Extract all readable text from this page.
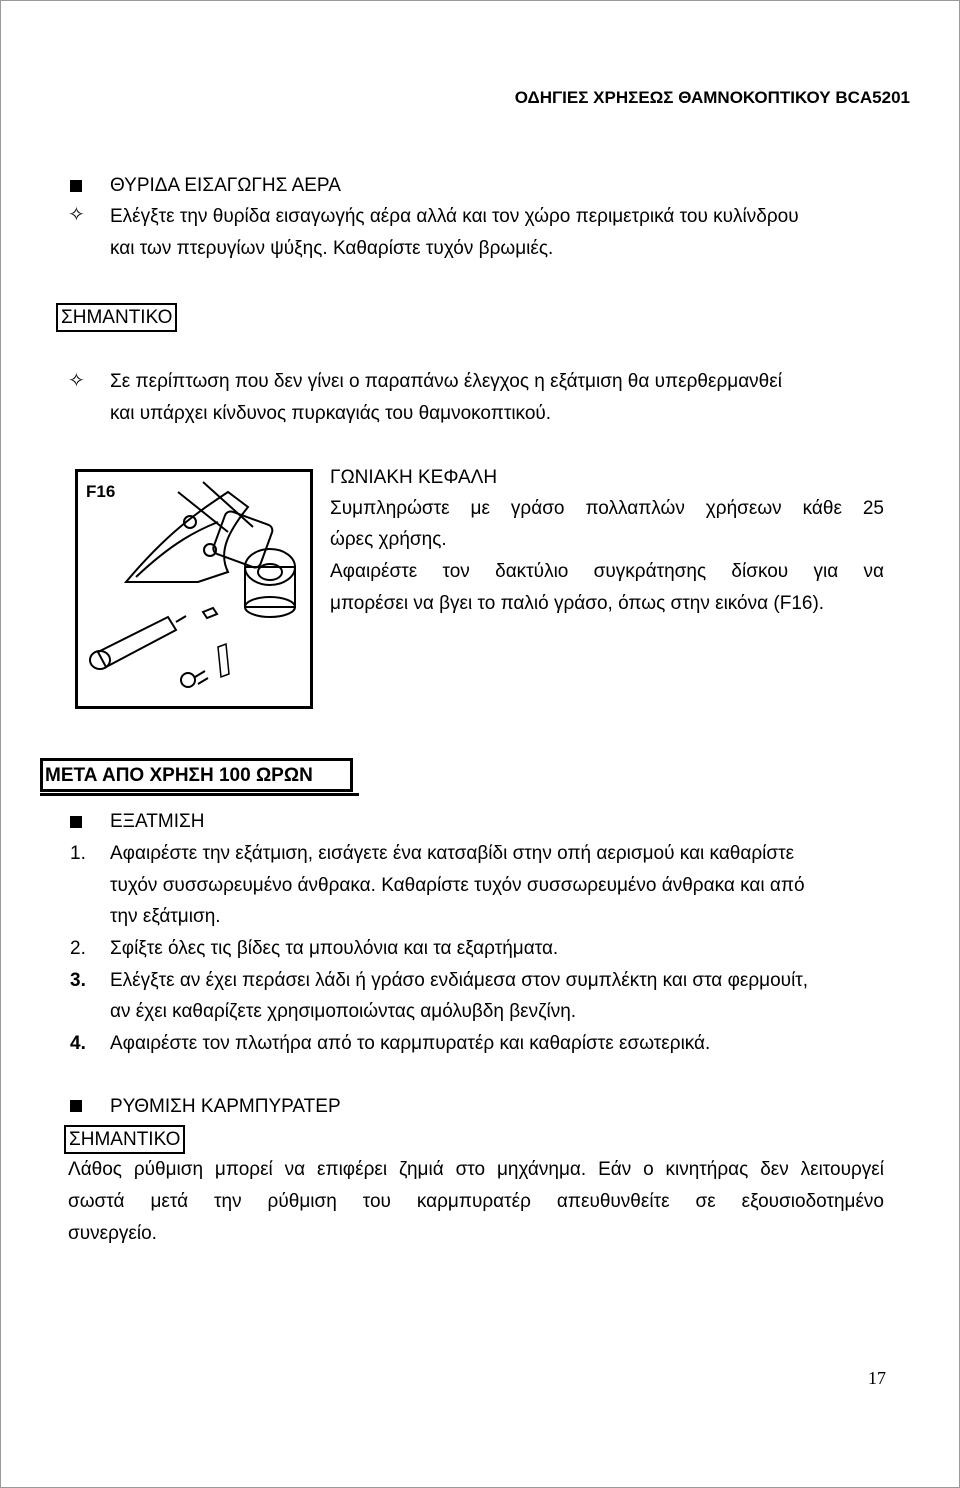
ΟΔΗΓΙΕΣ ΧΡΗΣΕΩΣ ΘΑΜΝΟΚΟΠΤΙΚΟΥ BCA5201
ΘΥΡΙΔΑ ΕΙΣΑΓΩΓΗΣ ΑΕΡΑ
✧ Ελέγξτε την θυρίδα εισαγωγής αέρα αλλά και τον χώρο περιμετρικά του κυλίνδρου
και των πτερυγίων ψύξης. Καθαρίστε τυχόν βρωμιές.
ΣΗΜΑΝΤΙΚΟ
✧ Σε περίπτωση που δεν γίνει ο παραπάνω έλεγχος η εξάτμιση θα υπερθερμανθεί
και υπάρχει κίνδυνος πυρκαγιάς του θαμνοκοπτικού.
F16
ΓΩΝΙΑΚΗ ΚΕΦΑΛΗ
Συμπληρώστε με γράσο πολλαπλών χρήσεων κάθε 25
ώρες χρήσης.
Αφαιρέστε τον δακτύλιο συγκράτησης δίσκου για να
μπορέσει να βγει το παλιό γράσο, όπως στην εικόνα (F16).
ΜΕΤΑ ΑΠΟ ΧΡΗΣΗ 100 ΩΡΩΝ
ΕΞΑΤΜΙΣΗ
1. Αφαιρέστε την εξάτμιση, εισάγετε ένα κατσαβίδι στην οπή αερισμού και καθαρίστε
τυχόν συσσωρευμένο άνθρακα. Καθαρίστε τυχόν συσσωρευμένο άνθρακα και από
την εξάτμιση.
2. Σφίξτε όλες τις βίδες τα μπουλόνια και τα εξαρτήματα.
3. Ελέγξτε αν έχει περάσει λάδι ή γράσο ενδιάμεσα στον συμπλέκτη και στα φερμουίτ,
αν έχει καθαρίζετε χρησιμοποιώντας αμόλυβδη βενζίνη.
4. Αφαιρέστε τον πλωτήρα από το καρμπυρατέρ και καθαρίστε εσωτερικά.
ΡΥΘΜΙΣΗ ΚΑΡΜΠΥΡΑΤΕΡ
ΣΗΜΑΝΤΙΚΟ
Λάθος ρύθμιση μπορεί να επιφέρει ζημιά στο μηχάνημα. Εάν ο κινητήρας δεν λειτουργεί
σωστά μετά την ρύθμιση του καρμπυρατέρ απευθυνθείτε σε εξουσιοδοτημένο
συνεργείο.
17
